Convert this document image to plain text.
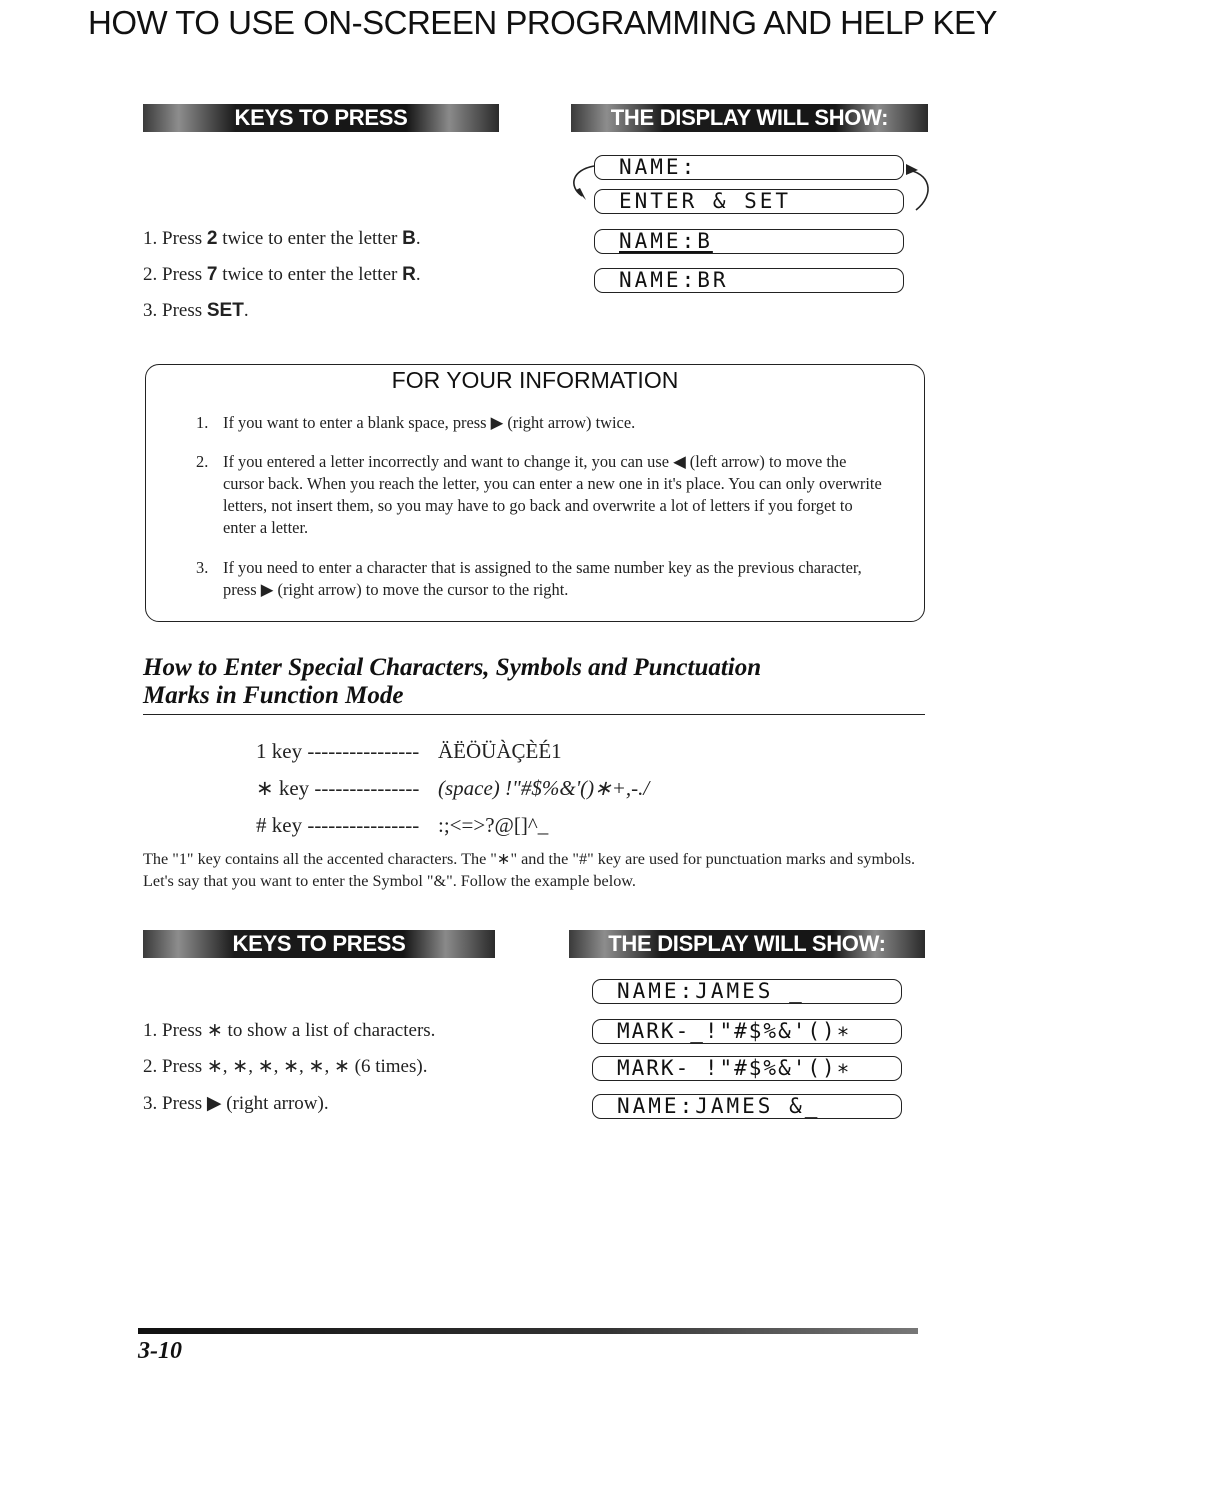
HOW TO USE ON-SCREEN PROGRAMMING AND HELP KEY
KEYS TO PRESS	THE DISPLAY WILL SHOW:
NAME:
ENTER & SET
NAME:B
NAME:BR
1. Press 2 twice to enter the letter B.
2. Press 7 twice to enter the letter R.
3. Press SET.
FOR YOUR INFORMATION
1. If you want to enter a blank space, press ▶ (right arrow) twice.
2. If you entered a letter incorrectly and want to change it, you can use ◀ (left arrow) to move the cursor back. When you reach the letter, you can enter a new one in it's place. You can only overwrite letters, not insert them, so you may have to go back and overwrite a lot of letters if you forget to enter a letter.
3. If you need to enter a character that is assigned to the same number key as the previous character, press ▶ (right arrow) to move the cursor to the right.
How to Enter Special Characters, Symbols and Punctuation
Marks in Function Mode
1 key ---------------- ÄËÖÜÀÇÈÉ1
∗ key --------------- (space) !"#$%&'()∗+,-./
# key ---------------- :;<=>?@[]^_
The "1" key contains all the accented characters. The "∗" and the "#" key are used for punctuation marks and symbols. Let's say that you want to enter the Symbol "&". Follow the example below.
KEYS TO PRESS	THE DISPLAY WILL SHOW:
NAME:JAMES _
MARK-_!"#$%&'()∗
MARK- !"#$%&'()∗
NAME:JAMES &_
1. Press ∗ to show a list of characters.
2. Press ∗, ∗, ∗, ∗, ∗, ∗ (6 times).
3. Press ▶ (right arrow).
3-10
